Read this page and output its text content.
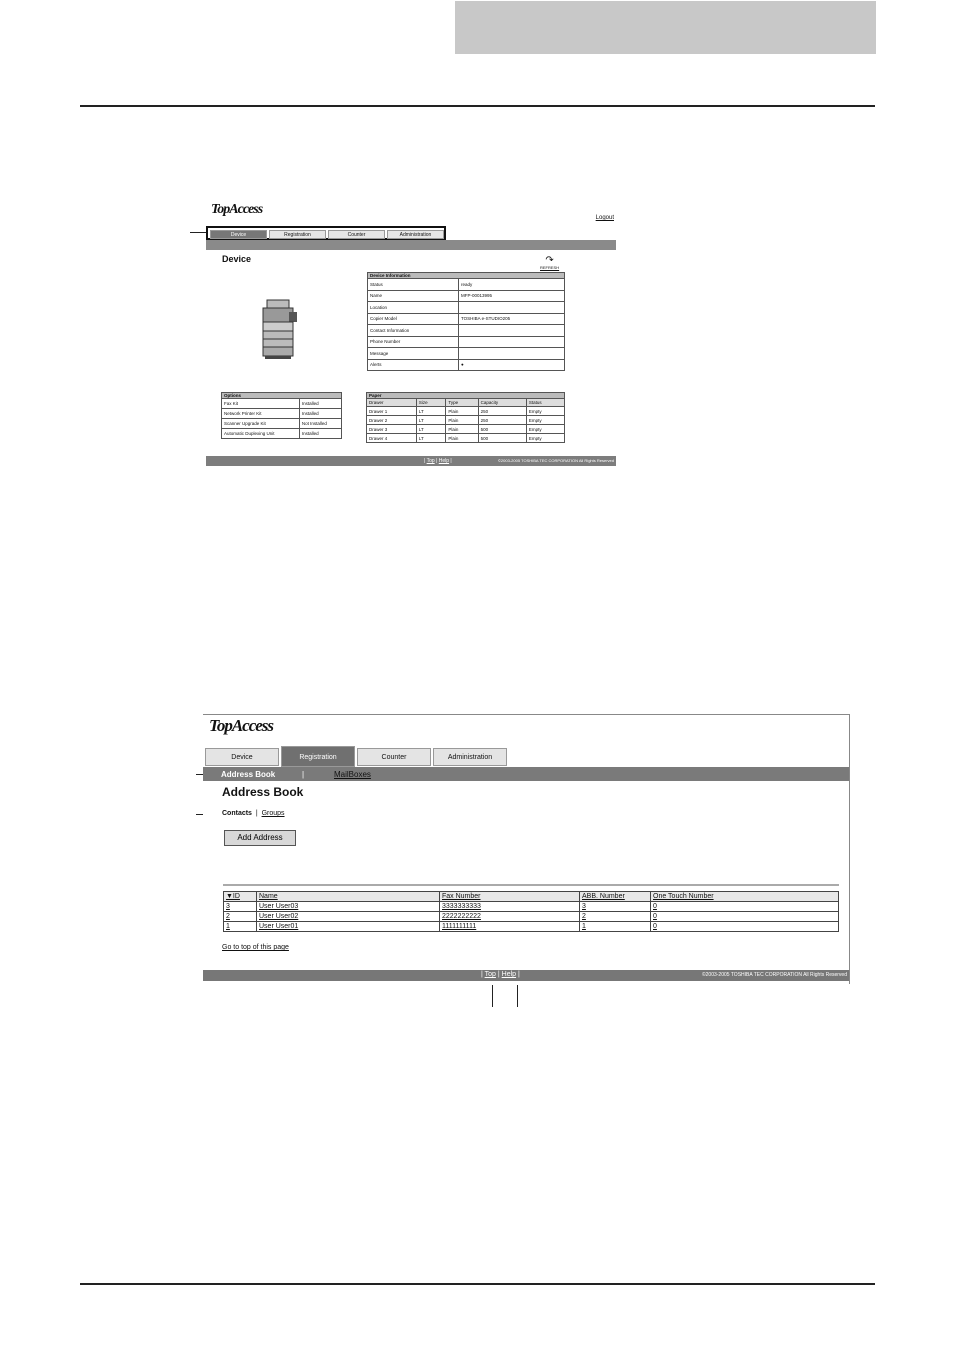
TopAccess
Logout
Device	Registration	Counter	Administration
Device	↷
REFRESH
Device Information	
Status	ready
Name	MFP-00013995
Location	
Copier Model	TOSHIBA e-STUDIO205
Contact Information	
Phone Number	
Message	
Alerts	●
Options	
Fax Kit	Installed
Network Printer Kit	Installed
Scanner Upgrade Kit	Not Installed
Automatic Duplexing Unit	Installed
Paper				
Drawer	Size	Type	Capacity	Status
Drawer 1	LT	Plain	250	Empty
Drawer 2	LT	Plain	250	Empty
Drawer 3	LT	Plain	500	Empty
Drawer 4	LT	Plain	500	Empty
| Top | Help |	©2003-2005 TOSHIBA TEC CORPORATION All Rights Reserved
TopAccess
Device	Registration	Counter	Administration
Address Book	|	MailBoxes
Address Book
Contacts  |  Groups
Add Address
▼ID	Name	Fax Number	ABB. Number	One Touch Number
3	User User03	3333333333	3	0
2	User User02	2222222222	2	0
1	User User01	1111111111	1	0
Go to top of this page
| Top | Help |	©2003-2005 TOSHIBA TEC CORPORATION All Rights Reserved
